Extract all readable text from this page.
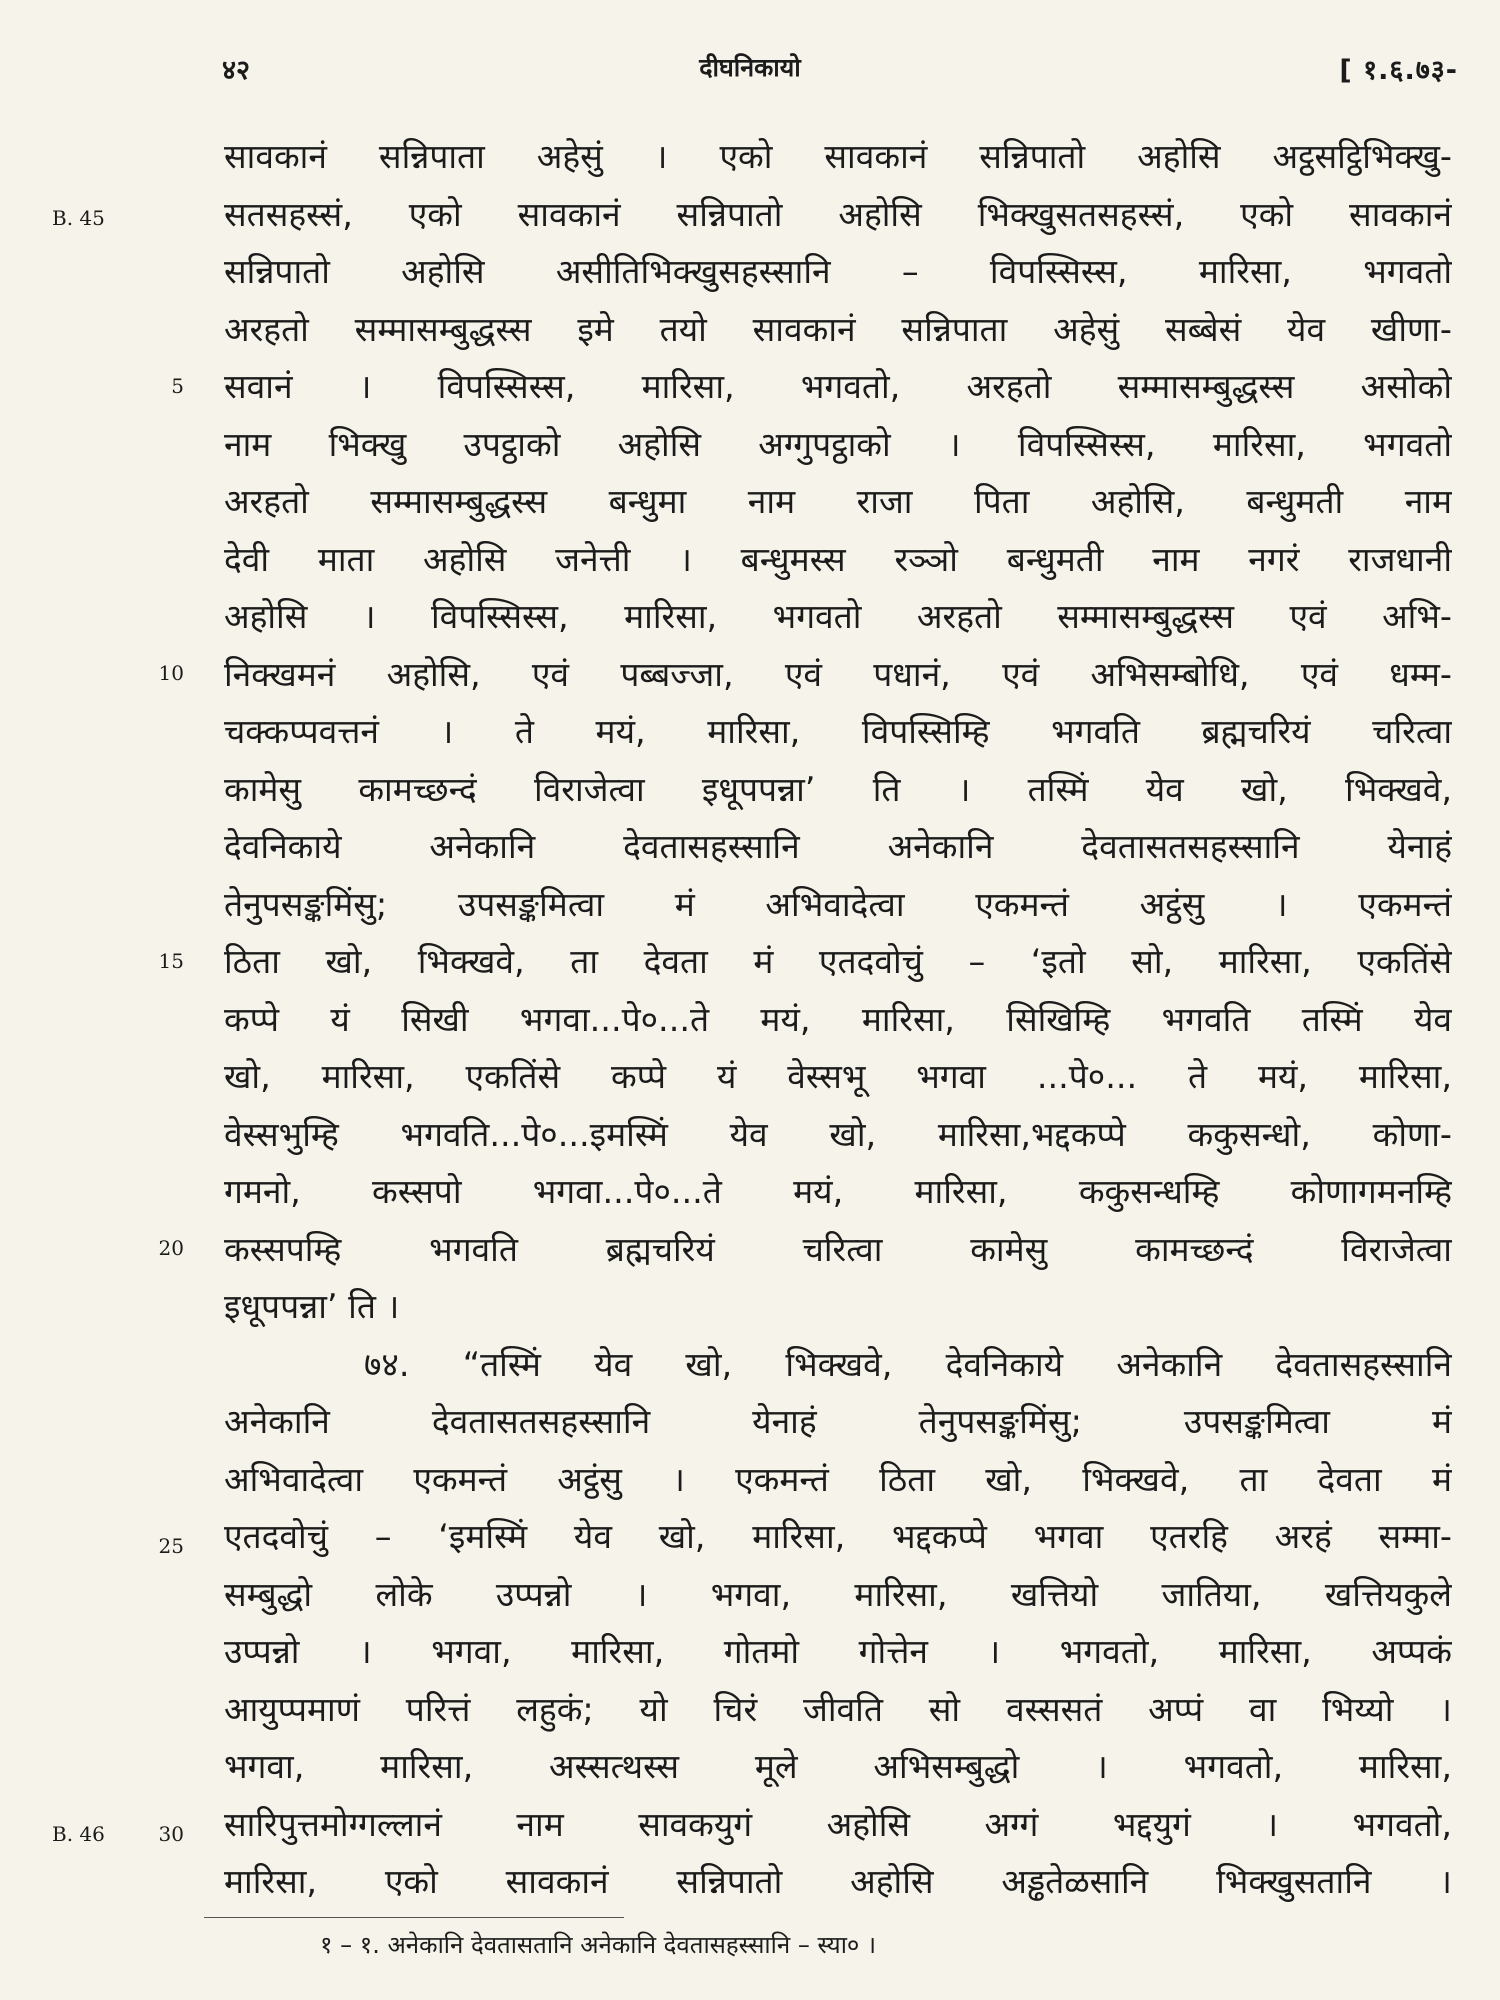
दीघनिकायो
४२	[ १.६.७३-
B. 45
B. 46
5
10
15
20
25
30
सावकानं सन्निपाता अहेसुं । एको सावकानं सन्निपातो अहोसि अट्ठसट्ठिभिक्खु-
सतसहस्सं, एको सावकानं सन्निपातो अहोसि भिक्खुसतसहस्सं, एको सावकानं
सन्निपातो अहोसि असीतिभिक्खुसहस्सानि – विपस्सिस्स, मारिसा, भगवतो
अरहतो सम्मासम्बुद्धस्स इमे तयो सावकानं सन्निपाता अहेसुं सब्बेसं येव खीणा-
सवानं । विपस्सिस्स, मारिसा, भगवतो, अरहतो सम्मासम्बुद्धस्स असोको
नाम भिक्खु उपट्ठाको अहोसि अग्गुपट्ठाको । विपस्सिस्स, मारिसा, भगवतो
अरहतो सम्मासम्बुद्धस्स बन्धुमा नाम राजा पिता अहोसि, बन्धुमती नाम
देवी माता अहोसि जनेत्ती । बन्धुमस्स रञ्ञो बन्धुमती नाम नगरं राजधानी
अहोसि । विपस्सिस्स, मारिसा, भगवतो अरहतो सम्मासम्बुद्धस्स एवं अभि-
निक्खमनं अहोसि, एवं पब्बज्जा, एवं पधानं, एवं अभिसम्बोधि, एवं धम्म-
चक्कप्पवत्तनं । ते मयं, मारिसा, विपस्सिम्हि भगवति ब्रह्मचरियं चरित्वा
कामेसु कामच्छन्दं विराजेत्वा इधूपपन्ना’ ति । तस्मिं येव खो, भिक्खवे,
देवनिकाये अनेकानि देवतासहस्सानि अनेकानि देवतासतसहस्सानि येनाहं
तेनुपसङ्कमिंसु; उपसङ्कमित्वा मं अभिवादेत्वा एकमन्तं अट्ठंसु । एकमन्तं
ठिता खो, भिक्खवे, ता देवता मं एतदवोचुं – ‘इतो सो, मारिसा, एकतिंसे
कप्पे यं सिखी भगवा...पे०...ते मयं, मारिसा, सिखिम्हि भगवति तस्मिं येव
खो, मारिसा, एकतिंसे कप्पे यं वेस्सभू भगवा ...पे०... ते मयं, मारिसा,
वेस्सभुम्हि भगवति...पे०...इमस्मिं येव खो, मारिसा,भद्दकप्पे ककुसन्धो, कोणा-
गमनो, कस्सपो भगवा...पे०...ते मयं, मारिसा, ककुसन्धम्हि कोणागमनम्हि
कस्सपम्हि भगवति ब्रह्मचरियं चरित्वा कामेसु कामच्छन्दं विराजेत्वा
इधूपपन्ना’ ति ।
७४. “तस्मिं येव खो, भिक्खवे, देवनिकाये अनेकानि देवतासहस्सानि
अनेकानि देवतासतसहस्सानि येनाहं तेनुपसङ्कमिंसु; उपसङ्कमित्वा मं
अभिवादेत्वा एकमन्तं अट्ठंसु । एकमन्तं ठिता खो, भिक्खवे, ता देवता मं
एतदवोचुं – ‘इमस्मिं येव खो, मारिसा, भद्दकप्पे भगवा एतरहि अरहं सम्मा-
सम्बुद्धो लोके उप्पन्नो । भगवा, मारिसा, खत्तियो जातिया, खत्तियकुले
उप्पन्नो । भगवा, मारिसा, गोतमो गोत्तेन । भगवतो, मारिसा, अप्पकं
आयुप्पमाणं परित्तं लहुकं; यो चिरं जीवति सो वस्ससतं अप्पं वा भिय्यो ।
भगवा, मारिसा, अस्सत्थस्स मूले अभिसम्बुद्धो । भगवतो, मारिसा,
सारिपुत्तमोग्गल्लानं नाम सावकयुगं अहोसि अग्गं भद्दयुगं । भगवतो,
मारिसा, एको सावकानं सन्निपातो अहोसि अड्ढतेळसानि भिक्खुसतानि ।
१ – १. अनेकानि देवतासतानि अनेकानि देवतासहस्सानि – स्या० ।
